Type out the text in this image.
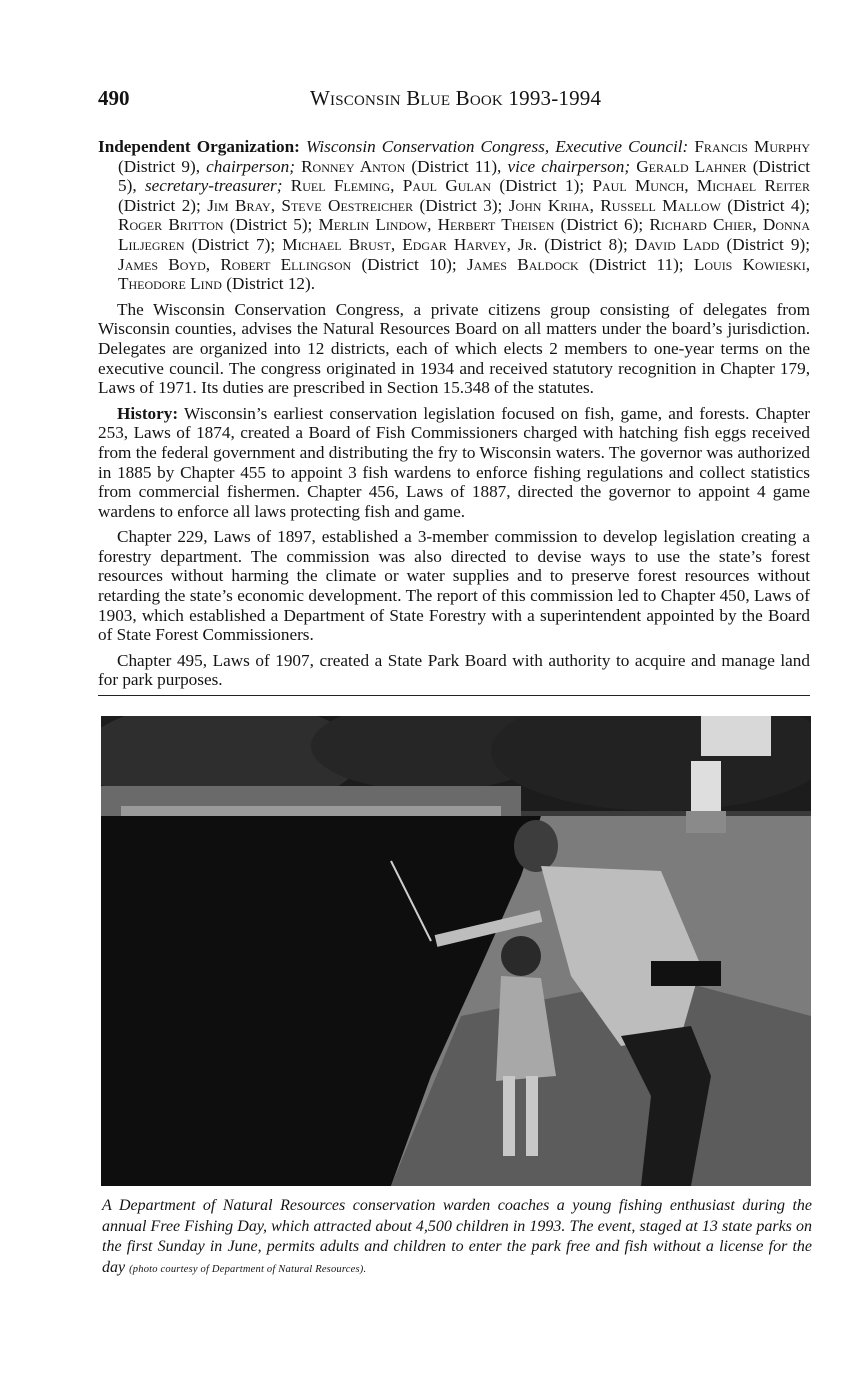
490	Wisconsin Blue Book 1993-1994

Independent Organization: Wisconsin Conservation Congress, Executive Council: Francis Murphy (District 9), chairperson; Ronney Anton (District 11), vice chairperson; Gerald Lahner (District 5), secretary-treasurer; Ruel Fleming, Paul Gulan (District 1); Paul Munch, Michael Reiter (District 2); Jim Bray, Steve Oestreicher (District 3); John Kriha, Russell Mallow (District 4); Roger Britton (District 5); Merlin Lindow, Herbert Theisen (District 6); Richard Chier, Donna Liljegren (District 7); Michael Brust, Edgar Harvey, Jr. (District 8); David Ladd (District 9); James Boyd, Robert Ellingson (District 10); James Baldock (District 11); Louis Kowieski, Theodore Lind (District 12).

The Wisconsin Conservation Congress, a private citizens group consisting of delegates from Wisconsin counties, advises the Natural Resources Board on all matters under the board’s jurisdiction. Delegates are organized into 12 districts, each of which elects 2 members to one-year terms on the executive council. The congress originated in 1934 and received statutory recognition in Chapter 179, Laws of 1971. Its duties are prescribed in Section 15.348 of the statutes.

History: Wisconsin’s earliest conservation legislation focused on fish, game, and forests. Chapter 253, Laws of 1874, created a Board of Fish Commissioners charged with hatching fish eggs received from the federal government and distributing the fry to Wisconsin waters. The governor was authorized in 1885 by Chapter 455 to appoint 3 fish wardens to enforce fishing regulations and collect statistics from commercial fishermen. Chapter 456, Laws of 1887, directed the governor to appoint 4 game wardens to enforce all laws protecting fish and game.

Chapter 229, Laws of 1897, established a 3-member commission to develop legislation creating a forestry department. The commission was also directed to devise ways to use the state’s forest resources without harming the climate or water supplies and to preserve forest resources without retarding the state’s economic development. The report of this commission led to Chapter 450, Laws of 1903, which established a Department of State Forestry with a superintendent appointed by the Board of State Forest Commissioners.

Chapter 495, Laws of 1907, created a State Park Board with authority to acquire and manage land for park purposes.

A Department of Natural Resources conservation warden coaches a young fishing enthusiast during the annual Free Fishing Day, which attracted about 4,500 children in 1993. The event, staged at 13 state parks on the first Sunday in June, permits adults and children to enter the park free and fish without a license for the day (photo courtesy of Department of Natural Resources).
